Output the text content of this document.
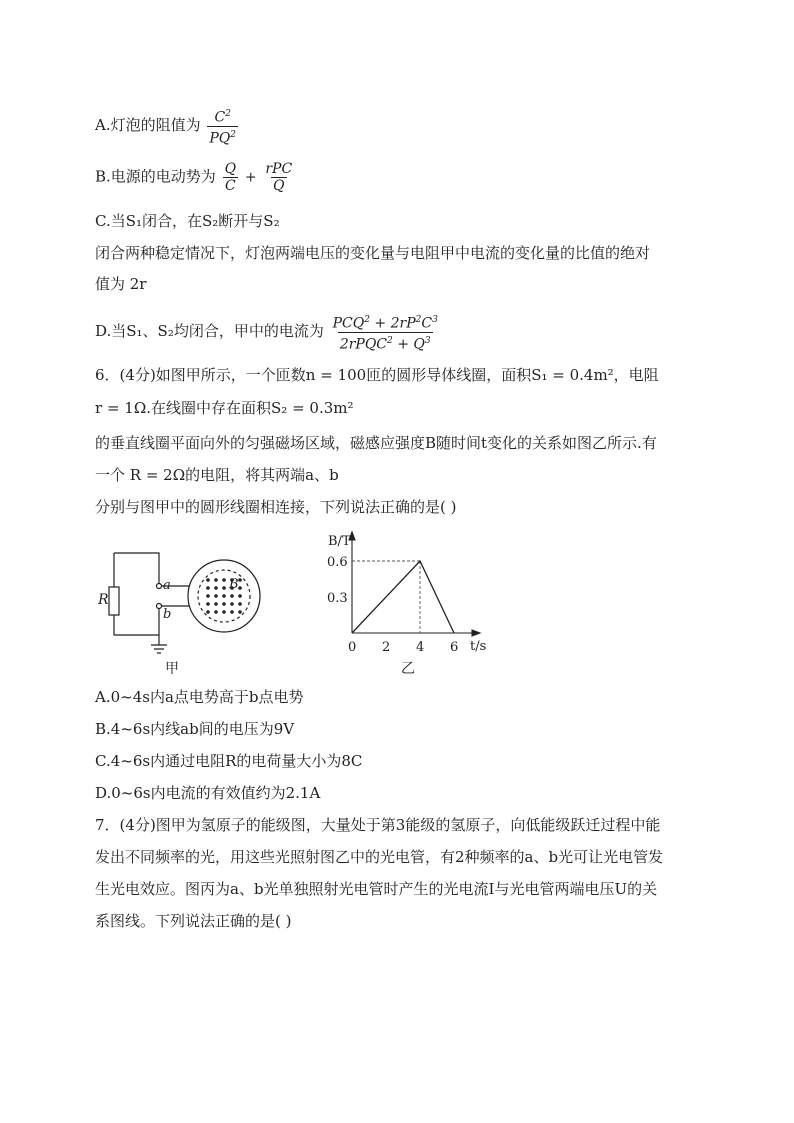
A.灯泡的阻值为 $\frac{C^2}{PQ^2}$
B.电源的电动势为 $\frac{Q}{C} + \frac{\text{rPC}}{Q}$
C.当S₁闭合，在S₂断开与S₂
闭合两种稳定情况下，灯泡两端电压的变化量与电阻甲中电流的变化量的比值的绝对
值为 2r
D.当S₁、S₂均闭合，甲中的电流为 $\frac{PCQ^2 + 2rP^2C^3}{2rPQC^2 + Q^3}$
6．(4分)如图甲所示，一个匝数n = 100匝的圆形导体线圈，面积S₁ = 0.4m²，电阻
r = 1Ω.在线圈中存在面积S₂ = 0.3m²
的垂直线圈平面向外的匀强磁场区域，磁感应强度B随时间t变化的关系如图乙所示.有
一个 R = 2Ω的电阻，将其两端a、b
分别与图甲中的圆形线圈相连接，下列说法正确的是( )
R
a
b
B
甲
0.6
0.3
0 2 4 6
B/T
t/s
乙
A.0~4s内a点电势高于b点电势
B.4~6s内线ab间的电压为9V
C.4~6s内通过电阻R的电荷量大小为8C
D.0~6s内电流的有效值约为2.1A
7．(4分)图甲为氢原子的能级图，大量处于第3能级的氢原子，向低能级跃迁过程中能
发出不同频率的光，用这些光照射图乙中的光电管，有2种频率的a、b光可让光电管发
生光电效应。图丙为a、b光单独照射光电管时产生的光电流I与光电管两端电压U的关
系图线。下列说法正确的是( )
